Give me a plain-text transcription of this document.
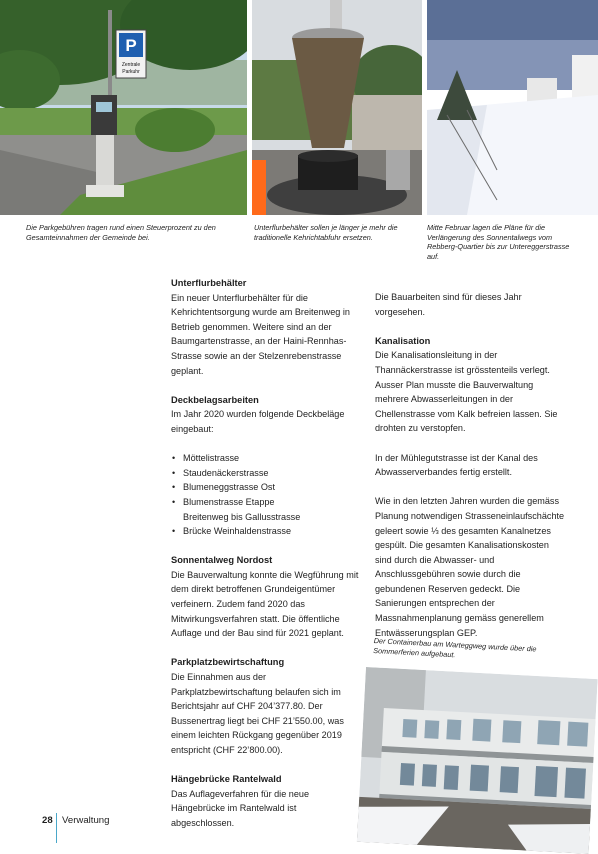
P
Zentrale
Parkuhr
Die Parkgebühren tragen rund einen Steuerprozent zu den Gesamteinnahmen der Gemeinde bei.
Unterflurbehälter sollen je länger je mehr die traditionelle Kehrichtabfuhr ersetzen.
Mitte Februar lagen die Pläne für die Verlängerung des Sonnentalwegs vom Rebberg-Quartier bis zur Untereggerstrasse auf.
Unterflurbehälter

Ein neuer Unterflurbehälter für die Kehrichtentsorgung wurde am Breitenweg in Betrieb genommen. Weitere sind an der Baumgartenstrasse, an der Haini-Rennhas-Strasse sowie an der Stelzenrebenstrasse geplant.

Deckbelagsarbeiten

Im Jahr 2020 wurden folgende Deckbeläge eingebaut:

• Möttelistrasse
• Staudenäckerstrasse
• Blumeneggstrasse Ost
• Blumenstrasse Etappe Breitenweg bis Gallusstrasse
• Brücke Weinhaldenstrasse
Sonnentalweg Nordost

Die Bauverwaltung konnte die Wegführung mit dem direkt betroffenen Grundeigentümer verfeinern. Zudem fand 2020 das Mitwirkungsverfahren statt. Die öffentliche Auflage und der Bau sind für 2021 geplant.

Parkplatzbewirtschaftung

Die Einnahmen aus der Parkplatzbewirtschaftung belaufen sich im Berichtsjahr auf CHF 204’377.80. Der Bussenertrag liegt bei CHF 21’550.00, was einem leichten Rückgang gegenüber 2019 entspricht (CHF 22’800.00).

Hängebrücke Rantelwald

Das Auflageverfahren für die neue Hängebrücke im Rantelwald ist abgeschlossen.

Die Bauarbeiten sind für dieses Jahr vorgesehen.

Kanalisation

Die Kanalisationsleitung in der Thannäckerstrasse ist grösstenteils verlegt. Ausser Plan musste die Bauverwaltung mehrere Abwasserleitungen in der Chellenstrasse vom Kalk befreien lassen. Sie drohten zu verstopfen.

In der Mühlegutstrasse ist der Kanal des Abwasserverbandes fertig erstellt.

Wie in den letzten Jahren wurden die gemäss Planung notwendigen Strasseneinlaufschächte geleert sowie ⅓ des gesamten Kanalnetzes gespült. Die gesamten Kanalisationskosten sind durch die Abwasser- und Anschlussgebühren sowie durch die gebundenen Reserven gedeckt. Die Sanierungen entsprechen der Massnahmenplanung gemäss generellem Entwässerungsplan GEP.

Der Containerbau am Warteggweg wurde über die Sommerferien aufgebaut.
28 Verwaltung
